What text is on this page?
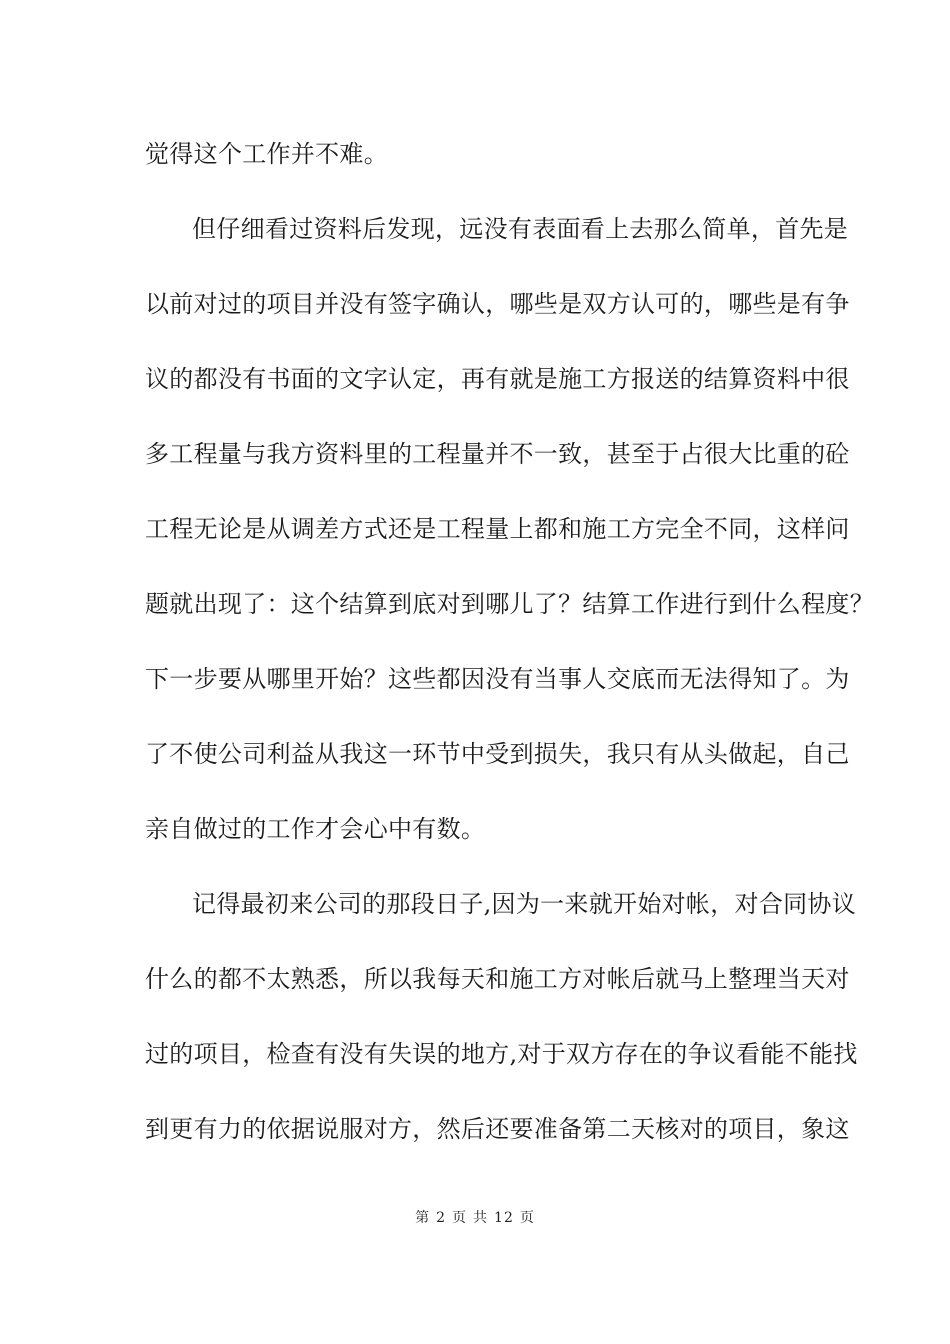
觉得这个工作并不难。
但仔细看过资料后发现，远没有表面看上去那么简单，首先是
以前对过的项目并没有签字确认，哪些是双方认可的，哪些是有争
议的都没有书面的文字认定，再有就是施工方报送的结算资料中很
多工程量与我方资料里的工程量并不一致，甚至于占很大比重的砼
工程无论是从调差方式还是工程量上都和施工方完全不同，这样问
题就出现了：这个结算到底对到哪儿了？结算工作进行到什么程度？
下一步要从哪里开始？这些都因没有当事人交底而无法得知了。为
了不使公司利益从我这一环节中受到损失，我只有从头做起，自己
亲自做过的工作才会心中有数。
记得最初来公司的那段日子,因为一来就开始对帐，对合同协议
什么的都不太熟悉，所以我每天和施工方对帐后就马上整理当天对
过的项目，检查有没有失误的地方,对于双方存在的争议看能不能找
到更有力的依据说服对方，然后还要准备第二天核对的项目，象这
第 2 页 共 12 页
